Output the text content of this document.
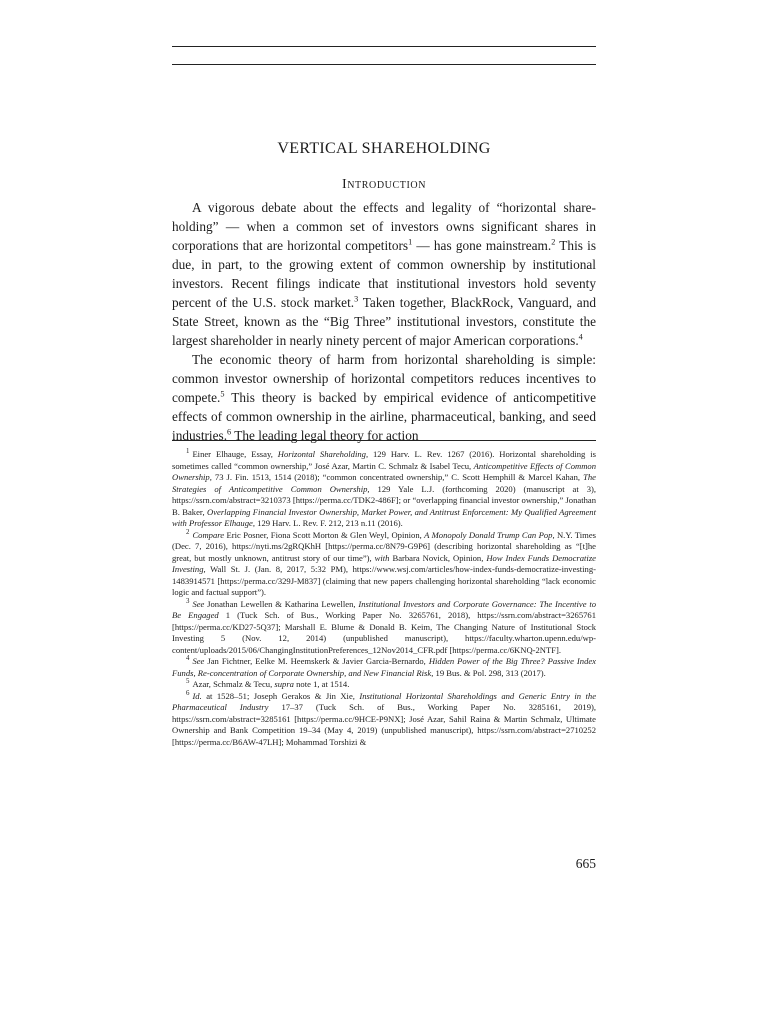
VERTICAL SHAREHOLDING
Introduction

A vigorous debate about the effects and legality of “horizontal share-holding” — when a common set of investors owns significant shares in corporations that are horizontal competitors$^1$ — has gone mainstream.$^2$ This is due, in part, to the growing extent of common ownership by institutional investors. Recent filings indicate that institutional investors hold seventy percent of the U.S. stock market.$^3$ Taken together, BlackRock, Vanguard, and State Street, known as the “Big Three” institutional investors, constitute the largest shareholder in nearly ninety percent of major American corporations.$^4$

The economic theory of harm from horizontal shareholding is simple: common investor ownership of horizontal competitors reduces incentives to compete.$^5$ This theory is backed by empirical evidence of anticompetitive effects of common ownership in the airline, pharmaceutical, banking, and seed industries.$^6$ The leading legal theory for action

$^1$ Einer Elhauge, Essay, Horizontal Shareholding, 129 Harv. L. Rev. 1267 (2016). Horizontal shareholding is sometimes called “common ownership,” José Azar, Martin C. Schmalz & Isabel Tecu, Anticompetitive Effects of Common Ownership, 73 J. Fin. 1513, 1514 (2018); “common concentrated ownership,” C. Scott Hemphill & Marcel Kahan, The Strategies of Anticompetitive Common Ownership, 129 Yale L.J. (forthcoming 2020) (manuscript at 3), https://ssrn.com/abstract=3210373 [https://perma.cc/TDK2-486F]; or “overlapping financial investor ownership,” Jonathan B. Baker, Overlapping Financial Investor Ownership, Market Power, and Antitrust Enforcement: My Qualified Agreement with Professor Elhauge, 129 Harv. L. Rev. F. 212, 213 n.11 (2016).

$^2$ Compare Eric Posner, Fiona Scott Morton & Glen Weyl, Opinion, A Monopoly Donald Trump Can Pop, N.Y. Times (Dec. 7, 2016), https://nyti.ms/2gRQKhH [https://perma.cc/8N79-G9P6] (describing horizontal shareholding as “[t]he great, but mostly unknown, antitrust story of our time”), with Barbara Novick, Opinion, How Index Funds Democratize Investing, Wall St. J. (Jan. 8, 2017, 5:32 PM), https://www.wsj.com/articles/how-index-funds-democratize-investing-1483914571 [https://perma.cc/329J-M837] (claiming that new papers challenging horizontal shareholding “lack economic logic and factual support”).

$^3$ See Jonathan Lewellen & Katharina Lewellen, Institutional Investors and Corporate Governance: The Incentive to Be Engaged 1 (Tuck Sch. of Bus., Working Paper No. 3265761, 2018), https://ssrn.com/abstract=3265761 [https://perma.cc/KD27-5Q37]; Marshall E. Blume & Donald B. Keim, The Changing Nature of Institutional Stock Investing 5 (Nov. 12, 2014) (unpublished manuscript), https://faculty.wharton.upenn.edu/wp-content/uploads/2015/06/ChangingInstitutionPreferences_12Nov2014_CFR.pdf [https://perma.cc/6KNQ-2NTF].

$^4$ See Jan Fichtner, Eelke M. Heemskerk & Javier Garcia-Bernardo, Hidden Power of the Big Three? Passive Index Funds, Re-concentration of Corporate Ownership, and New Financial Risk, 19 Bus. & Pol. 298, 313 (2017).

$^5$ Azar, Schmalz & Tecu, supra note 1, at 1514.

$^6$ Id. at 1528–51; Joseph Gerakos & Jin Xie, Institutional Horizontal Shareholdings and Generic Entry in the Pharmaceutical Industry 17–37 (Tuck Sch. of Bus., Working Paper No. 3285161, 2019), https://ssrn.com/abstract=3285161 [https://perma.cc/9HCE-P9NX]; José Azar, Sahil Raina & Martin Schmalz, Ultimate Ownership and Bank Competition 19–34 (May 4, 2019) (unpublished manuscript), https://ssrn.com/abstract=2710252 [https://perma.cc/B6AW-47LH]; Mohammad Torshizi &

665
